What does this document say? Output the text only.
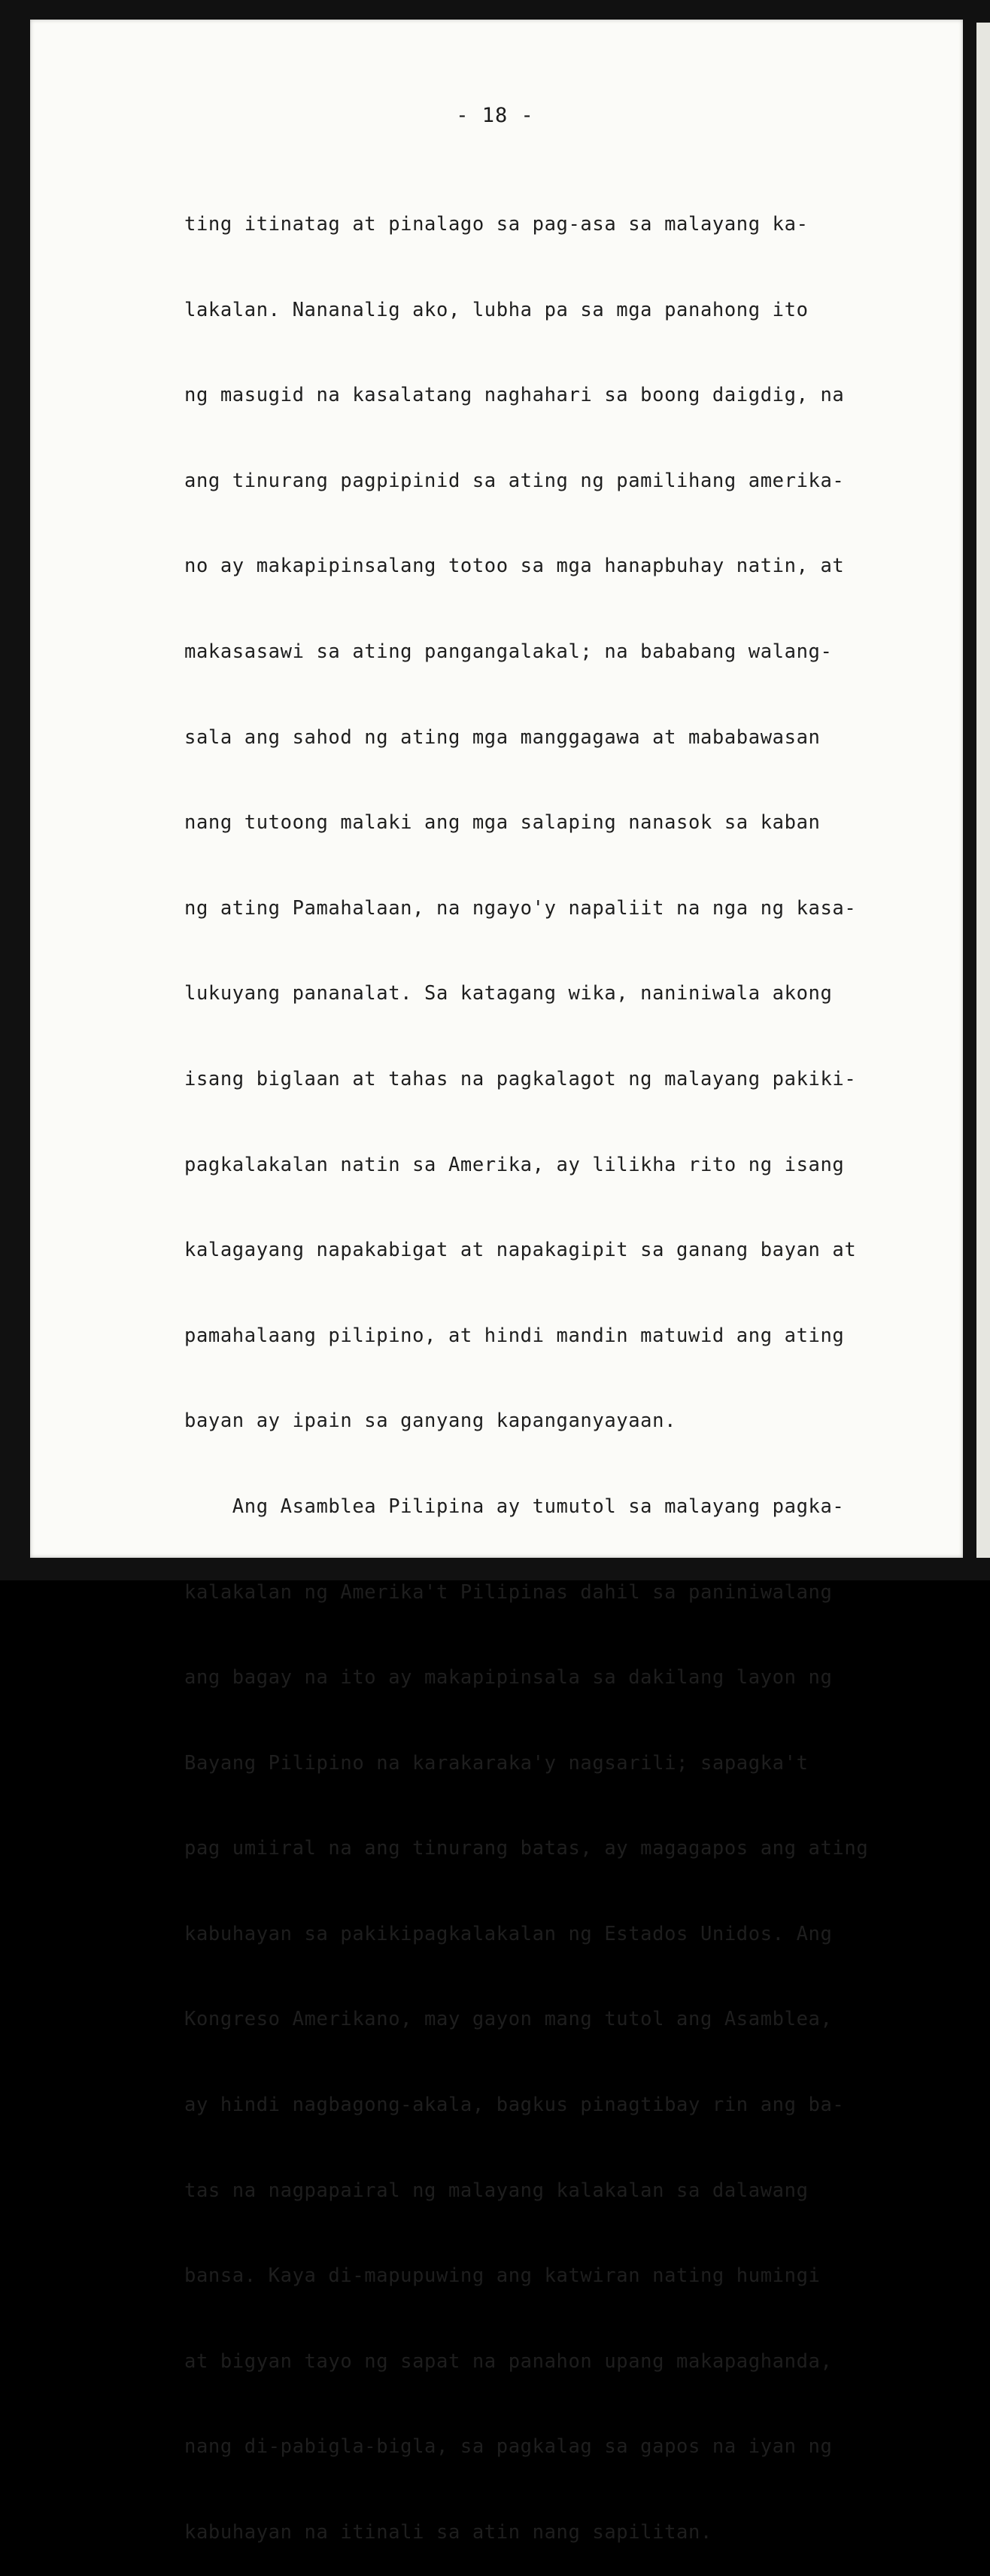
- 18 -

ting itinatag at pinalago sa pag-asa sa malayang ka-

lakalan. Nananalig ako, lubha pa sa mga panahong ito

ng masugid na kasalatang naghahari sa boong daigdig, na

ang tinurang pagpipinid sa ating ng pamilihang amerika-

no ay makapipinsalang totoo sa mga hanapbuhay natin, at

makasasawi sa ating pangangalakal; na bababang walang-

sala ang sahod ng ating mga manggagawa at mababawasan

nang tutoong malaki ang mga salaping nanasok sa kaban

ng ating Pamahalaan, na ngayo'y napaliit na nga ng kasa-

lukuyang pananalat. Sa katagang wika, naniniwala akong

isang biglaan at tahas na pagkalagot ng malayang pakiki-

pagkalakalan natin sa Amerika, ay lilikha rito ng isang

kalagayang napakabigat at napakagipit sa ganang bayan at

pamahalaang pilipino, at hindi mandin matuwid ang ating

bayan ay ipain sa ganyang kapanganyayaan.

Ang Asamblea Pilipina ay tumutol sa malayang pagka-

kalakalan ng Amerika't Pilipinas dahil sa paniniwalang

ang bagay na ito ay makapipinsala sa dakilang layon ng

Bayang Pilipino na karakaraka'y nagsarili; sapagka't

pag umiiral na ang tinurang batas, ay magagapos ang ating

kabuhayan sa pakikipagkalakalan ng Estados Unidos. Ang

Kongreso Amerikano, may gayon mang tutol ang Asamblea,

ay hindi nagbagong-akala, bagkus pinagtibay rin ang ba-

tas na nagpapairal ng malayang kalakalan sa dalawang

bansa. Kaya di-mapupuwing ang katwiran nating humingi

at bigyan tayo ng sapat na panahon upang makapaghanda,

nang di-pabigla-bigla, sa pagkalag sa gapos na iyan ng

kabuhayan na itinali sa atin nang sapilitan.
